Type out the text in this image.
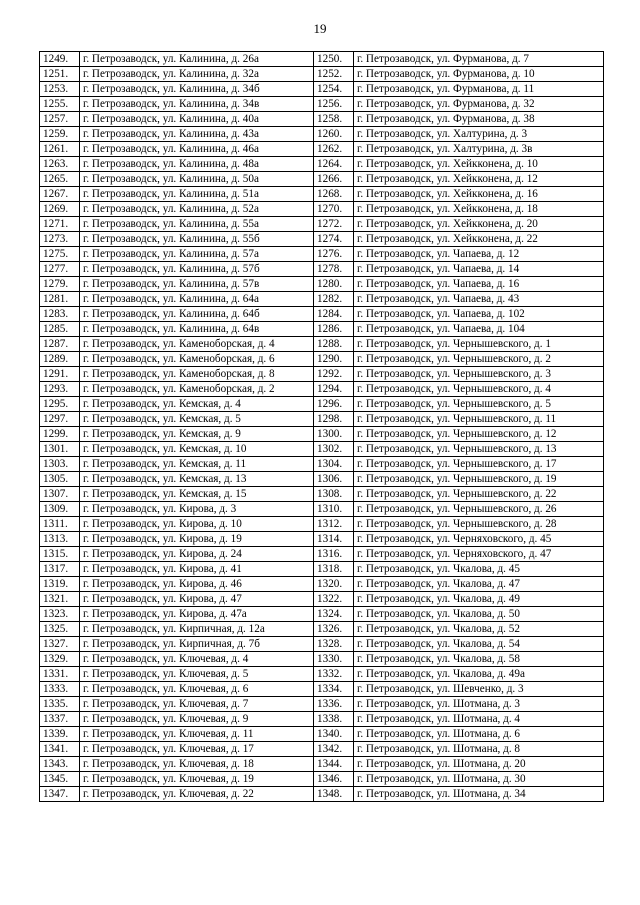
19
1249.	г. Петрозаводск, ул. Калинина, д. 26а	1250.	г. Петрозаводск, ул. Фурманова, д. 7
1251.	г. Петрозаводск, ул. Калинина, д. 32а	1252.	г. Петрозаводск, ул. Фурманова, д. 10
1253.	г. Петрозаводск, ул. Калинина, д. 34б	1254.	г. Петрозаводск, ул. Фурманова, д. 11
1255.	г. Петрозаводск, ул. Калинина, д. 34в	1256.	г. Петрозаводск, ул. Фурманова, д. 32
1257.	г. Петрозаводск, ул. Калинина, д. 40а	1258.	г. Петрозаводск, ул. Фурманова, д. 38
1259.	г. Петрозаводск, ул. Калинина, д. 43а	1260.	г. Петрозаводск, ул. Халтурина, д. 3
1261.	г. Петрозаводск, ул. Калинина, д. 46а	1262.	г. Петрозаводск, ул. Халтурина, д. 3в
1263.	г. Петрозаводск, ул. Калинина, д. 48а	1264.	г. Петрозаводск, ул. Хейкконена, д. 10
1265.	г. Петрозаводск, ул. Калинина, д. 50а	1266.	г. Петрозаводск, ул. Хейкконена, д. 12
1267.	г. Петрозаводск, ул. Калинина, д. 51а	1268.	г. Петрозаводск, ул. Хейкконена, д. 16
1269.	г. Петрозаводск, ул. Калинина, д. 52а	1270.	г. Петрозаводск, ул. Хейкконена, д. 18
1271.	г. Петрозаводск, ул. Калинина, д. 55а	1272.	г. Петрозаводск, ул. Хейкконена, д. 20
1273.	г. Петрозаводск, ул. Калинина, д. 55б	1274.	г. Петрозаводск, ул. Хейкконена, д. 22
1275.	г. Петрозаводск, ул. Калинина, д. 57а	1276.	г. Петрозаводск, ул. Чапаева, д. 12
1277.	г. Петрозаводск, ул. Калинина, д. 57б	1278.	г. Петрозаводск, ул. Чапаева, д. 14
1279.	г. Петрозаводск, ул. Калинина, д. 57в	1280.	г. Петрозаводск, ул. Чапаева, д. 16
1281.	г. Петрозаводск, ул. Калинина, д. 64а	1282.	г. Петрозаводск, ул. Чапаева, д. 43
1283.	г. Петрозаводск, ул. Калинина, д. 64б	1284.	г. Петрозаводск, ул. Чапаева, д. 102
1285.	г. Петрозаводск, ул. Калинина, д. 64в	1286.	г. Петрозаводск, ул. Чапаева, д. 104
1287.	г. Петрозаводск, ул. Каменоборская, д. 4	1288.	г. Петрозаводск, ул. Чернышевского, д. 1
1289.	г. Петрозаводск, ул. Каменоборская, д. 6	1290.	г. Петрозаводск, ул. Чернышевского, д. 2
1291.	г. Петрозаводск, ул. Каменоборская, д. 8	1292.	г. Петрозаводск, ул. Чернышевского, д. 3
1293.	г. Петрозаводск, ул. Каменоборская, д. 2	1294.	г. Петрозаводск, ул. Чернышевского, д. 4
1295.	г. Петрозаводск, ул. Кемская, д. 4	1296.	г. Петрозаводск, ул. Чернышевского, д. 5
1297.	г. Петрозаводск, ул. Кемская, д. 5	1298.	г. Петрозаводск, ул. Чернышевского, д. 11
1299.	г. Петрозаводск, ул. Кемская, д. 9	1300.	г. Петрозаводск, ул. Чернышевского, д. 12
1301.	г. Петрозаводск, ул. Кемская, д. 10	1302.	г. Петрозаводск, ул. Чернышевского, д. 13
1303.	г. Петрозаводск, ул. Кемская, д. 11	1304.	г. Петрозаводск, ул. Чернышевского, д. 17
1305.	г. Петрозаводск, ул. Кемская, д. 13	1306.	г. Петрозаводск, ул. Чернышевского, д. 19
1307.	г. Петрозаводск, ул. Кемская, д. 15	1308.	г. Петрозаводск, ул. Чернышевского, д. 22
1309.	г. Петрозаводск, ул. Кирова, д. 3	1310.	г. Петрозаводск, ул. Чернышевского, д. 26
1311.	г. Петрозаводск, ул. Кирова, д. 10	1312.	г. Петрозаводск, ул. Чернышевского, д. 28
1313.	г. Петрозаводск, ул. Кирова, д. 19	1314.	г. Петрозаводск, ул. Черняховского, д. 45
1315.	г. Петрозаводск, ул. Кирова, д. 24	1316.	г. Петрозаводск, ул. Черняховского, д. 47
1317.	г. Петрозаводск, ул. Кирова, д. 41	1318.	г. Петрозаводск, ул. Чкалова, д. 45
1319.	г. Петрозаводск, ул. Кирова, д. 46	1320.	г. Петрозаводск, ул. Чкалова, д. 47
1321.	г. Петрозаводск, ул. Кирова, д. 47	1322.	г. Петрозаводск, ул. Чкалова, д. 49
1323.	г. Петрозаводск, ул. Кирова, д. 47а	1324.	г. Петрозаводск, ул. Чкалова, д. 50
1325.	г. Петрозаводск, ул. Кирпичная, д. 12а	1326.	г. Петрозаводск, ул. Чкалова, д. 52
1327.	г. Петрозаводск, ул. Кирпичная, д. 7б	1328.	г. Петрозаводск, ул. Чкалова, д. 54
1329.	г. Петрозаводск, ул. Ключевая, д. 4	1330.	г. Петрозаводск, ул. Чкалова, д. 58
1331.	г. Петрозаводск, ул. Ключевая, д. 5	1332.	г. Петрозаводск, ул. Чкалова, д. 49а
1333.	г. Петрозаводск, ул. Ключевая, д. 6	1334.	г. Петрозаводск, ул. Шевченко, д. 3
1335.	г. Петрозаводск, ул. Ключевая, д. 7	1336.	г. Петрозаводск, ул. Шотмана, д. 3
1337.	г. Петрозаводск, ул. Ключевая, д. 9	1338.	г. Петрозаводск, ул. Шотмана, д. 4
1339.	г. Петрозаводск, ул. Ключевая, д. 11	1340.	г. Петрозаводск, ул. Шотмана, д. 6
1341.	г. Петрозаводск, ул. Ключевая, д. 17	1342.	г. Петрозаводск, ул. Шотмана, д. 8
1343.	г. Петрозаводск, ул. Ключевая, д. 18	1344.	г. Петрозаводск, ул. Шотмана, д. 20
1345.	г. Петрозаводск, ул. Ключевая, д. 19	1346.	г. Петрозаводск, ул. Шотмана, д. 30
1347.	г. Петрозаводск, ул. Ключевая, д. 22	1348.	г. Петрозаводск, ул. Шотмана, д. 34
